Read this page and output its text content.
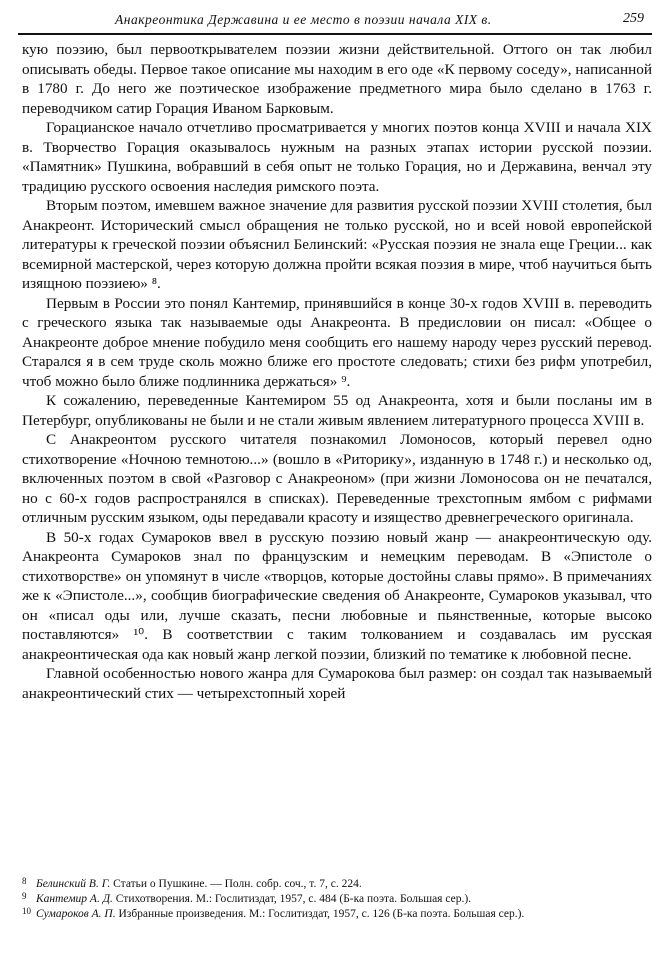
Анакреонтика Державина и ее место в поэзии начала XIX в.	259

кую поэзию, был первооткрывателем поэзии жизни действительной. Оттого он так любил описывать обеды. Первое такое описание мы находим в его оде «К первому соседу», написанной в 1780 г. До него же поэтическое изображение предметного мира было сделано в 1763 г. переводчиком сатир Горация Иваном Барковым.

Горацианское начало отчетливо просматривается у многих поэтов конца XVIII и начала XIX в. Творчество Горация оказывалось нужным на разных этапах истории русской поэзии. «Памятник» Пушкина, вобравший в себя опыт не только Горация, но и Державина, венчал эту традицию русского освоения наследия римского поэта.

Вторым поэтом, имевшем важное значение для развития русской поэзии XVIII столетия, был Анакреонт. Исторический смысл обращения не только русской, но и всей новой европейской литературы к греческой поэзии объяснил Белинский: «Русская поэзия не знала еще Греции... как всемирной мастерской, через которую должна пройти всякая поэзия в мире, чтоб научиться быть изящною поэзиею» ⁸.

Первым в России это понял Кантемир, принявшийся в конце 30-х годов XVIII в. переводить с греческого языка так называемые оды Анакреонта. В предисловии он писал: «Общее о Анакреонте доброе мнение побудило меня сообщить его нашему народу через русский перевод. Старался я в сем труде сколь можно ближе его простоте следовать; стихи без рифм употребил, чтоб можно было ближе подлинника держаться» ⁹.

К сожалению, переведенные Кантемиром 55 од Анакреонта, хотя и были посланы им в Петербург, опубликованы не были и не стали живым явлением литературного процесса XVIII в.

С Анакреонтом русского читателя познакомил Ломоносов, который перевел одно стихотворение «Ночною темнотою...» (вошло в «Риторику», изданную в 1748 г.) и несколько од, включенных поэтом в свой «Разговор с Анакреоном» (при жизни Ломоносова он не печатался, но с 60-х годов распространялся в списках). Переведенные трехстопным ямбом с рифмами отличным русским языком, оды передавали красоту и изящество древнегреческого оригинала.

В 50-х годах Сумароков ввел в русскую поэзию новый жанр — анакреонтическую оду. Анакреонта Сумароков знал по французским и немецким переводам. В «Эпистоле о стихотворстве» он упомянут в числе «творцов, которые достойны славы прямо». В примечаниях же к «Эпистоле...», сообщив биографические сведения об Анакреонте, Сумароков указывал, что он «писал оды или, лучше сказать, песни любовные и пьянственные, которые высоко поставляются» ¹⁰. В соответствии с таким толкованием и создавалась им русская анакреонтическая ода как новый жанр легкой поэзии, близкий по тематике к любовной песне.

Главной особенностью нового жанра для Сумарокова был размер: он создал так называемый анакреонтический стих — четырехстопный хорей

8 Белинский В. Г. Статьи о Пушкине. — Полн. собр. соч., т. 7, с. 224.

9 Кантемир А. Д. Стихотворения. М.: Гослитиздат, 1957, с. 484 (Б-ка поэта. Большая сер.).

10 Сумароков А. П. Избранные произведения. М.: Гослитиздат, 1957, с. 126 (Б-ка поэта. Большая сер.).
